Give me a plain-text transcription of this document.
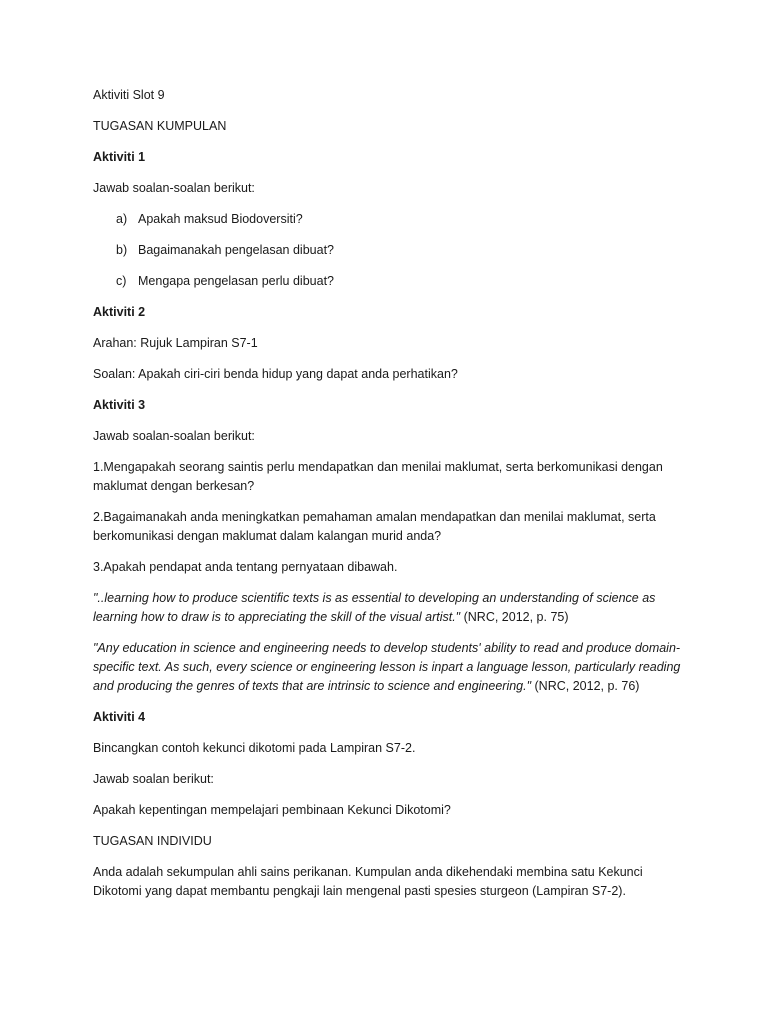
Aktiviti Slot 9

TUGASAN KUMPULAN

Aktiviti 1

Jawab soalan-soalan berikut:

a) Apakah maksud Biodoversiti?
b) Bagaimanakah pengelasan dibuat?
c) Mengapa pengelasan perlu dibuat?

Aktiviti 2

Arahan: Rujuk Lampiran S7-1

Soalan: Apakah ciri-ciri benda hidup yang dapat anda perhatikan?

Aktiviti 3

Jawab soalan-soalan berikut:

1.Mengapakah seorang saintis perlu mendapatkan dan menilai maklumat, serta berkomunikasi dengan maklumat dengan berkesan?

2.Bagaimanakah anda meningkatkan pemahaman amalan mendapatkan dan menilai maklumat, serta berkomunikasi dengan maklumat dalam kalangan murid anda?

3.Apakah pendapat anda tentang pernyataan dibawah.

"..learning how to produce scientific texts is as essential to developing an understanding of science as learning how to draw is to appreciating the skill of the visual artist." (NRC, 2012, p. 75)

"Any education in science and engineering needs to develop students' ability to read and produce domain-specific text. As such, every science or engineering lesson is inpart a language lesson, particularly reading and producing the genres of texts that are intrinsic to science and engineering." (NRC, 2012, p. 76)

Aktiviti 4

Bincangkan contoh kekunci dikotomi pada Lampiran S7-2.

Jawab soalan berikut:

Apakah kepentingan mempelajari pembinaan Kekunci Dikotomi?

TUGASAN INDIVIDU

Anda adalah sekumpulan ahli sains perikanan. Kumpulan anda dikehendaki membina satu Kekunci Dikotomi yang dapat membantu pengkaji lain mengenal pasti spesies sturgeon (Lampiran S7-2).
